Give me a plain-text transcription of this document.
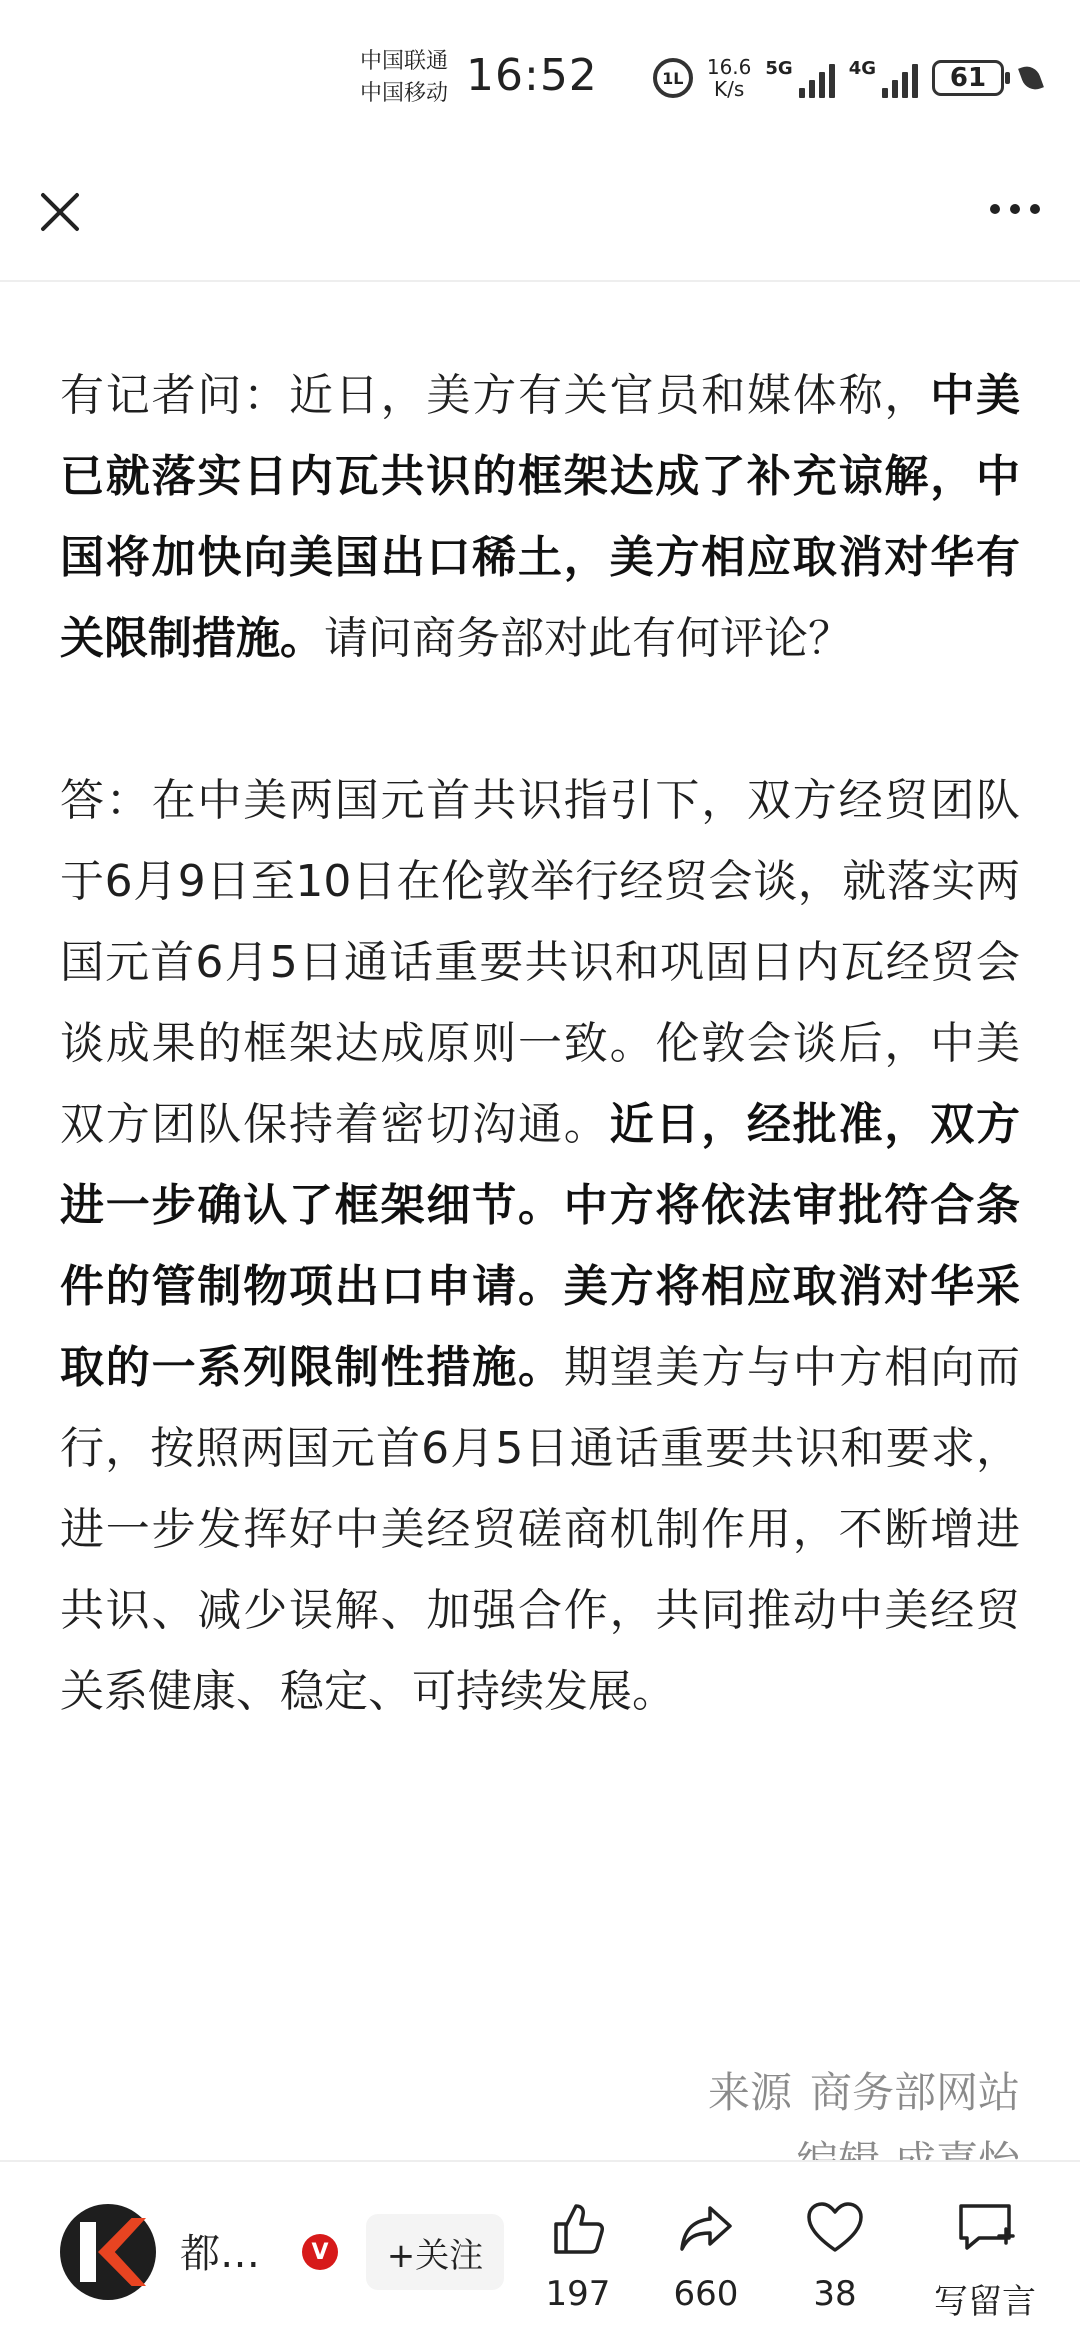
中国联通
中国移动 16:52	1L	16.6
K/s
5G	4G	61

有记者问：近日，美方有关官员和媒体称，中美已就落实日内瓦共识的框架达成了补充谅解，中国将加快向美国出口稀土，美方相应取消对华有关限制措施。请问商务部对此有何评论？

答：在中美两国元首共识指引下，双方经贸团队于6月9日至10日在伦敦举行经贸会谈，就落实两国元首6月5日通话重要共识和巩固日内瓦经贸会谈成果的框架达成原则一致。伦敦会谈后，中美双方团队保持着密切沟通。近日，经批准，双方进一步确认了框架细节。中方将依法审批符合条件的管制物项出口申请。美方将相应取消对华采取的一系列限制性措施。期望美方与中方相向而行，按照两国元首6月5日通话重要共识和要求，进一步发挥好中美经贸磋商机制作用，不断增进共识、减少误解、加强合作，共同推动中美经贸关系健康、稳定、可持续发展。

来源 商务部网站
都…	V	+关注
197	660	38	写留言
